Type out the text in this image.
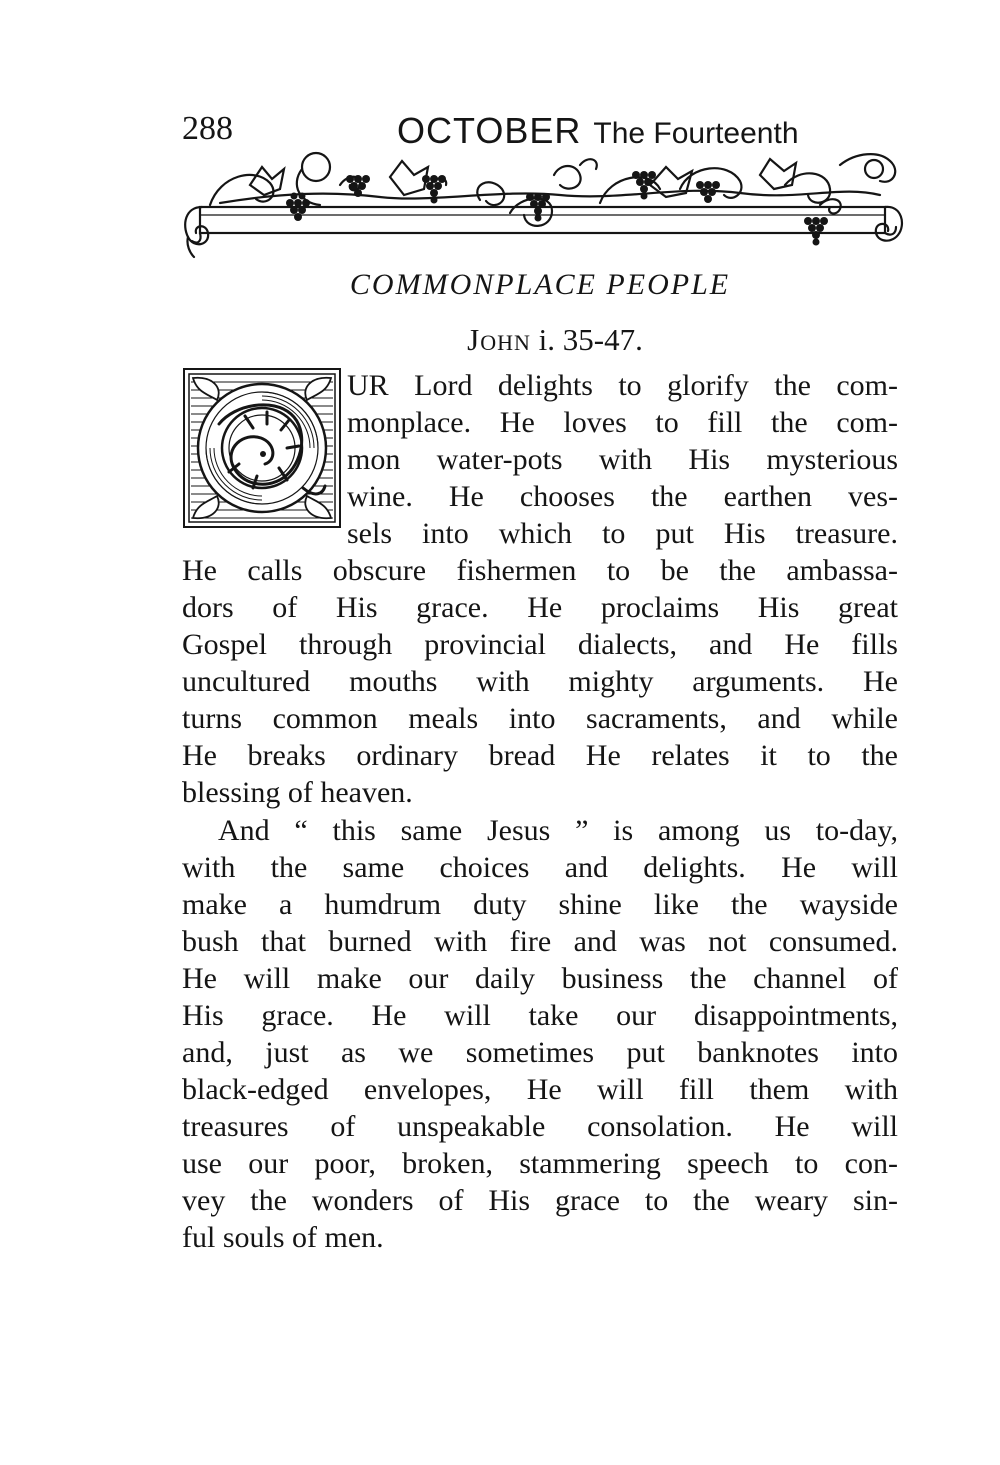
288	OCTOBER The Fourteenth
COMMONPLACE PEOPLE
John i. 35-47.
UR Lord delights to glorify the com-
monplace. He loves to fill the com-
mon water-pots with His mysterious
wine. He chooses the earthen ves-
sels into which to put His treasure.
He calls obscure fishermen to be the ambassa-
dors of His grace. He proclaims His great
Gospel through provincial dialects, and He fills
uncultured mouths with mighty arguments. He
turns common meals into sacraments, and while
He breaks ordinary bread He relates it to the
blessing of heaven.
And “ this same Jesus ” is among us to-day,
with the same choices and delights. He will
make a humdrum duty shine like the wayside
bush that burned with fire and was not consumed.
He will make our daily business the channel of
His grace. He will take our disappointments,
and, just as we sometimes put banknotes into
black-edged envelopes, He will fill them with
treasures of unspeakable consolation. He will
use our poor, broken, stammering speech to con-
vey the wonders of His grace to the weary sin-
ful souls of men.
